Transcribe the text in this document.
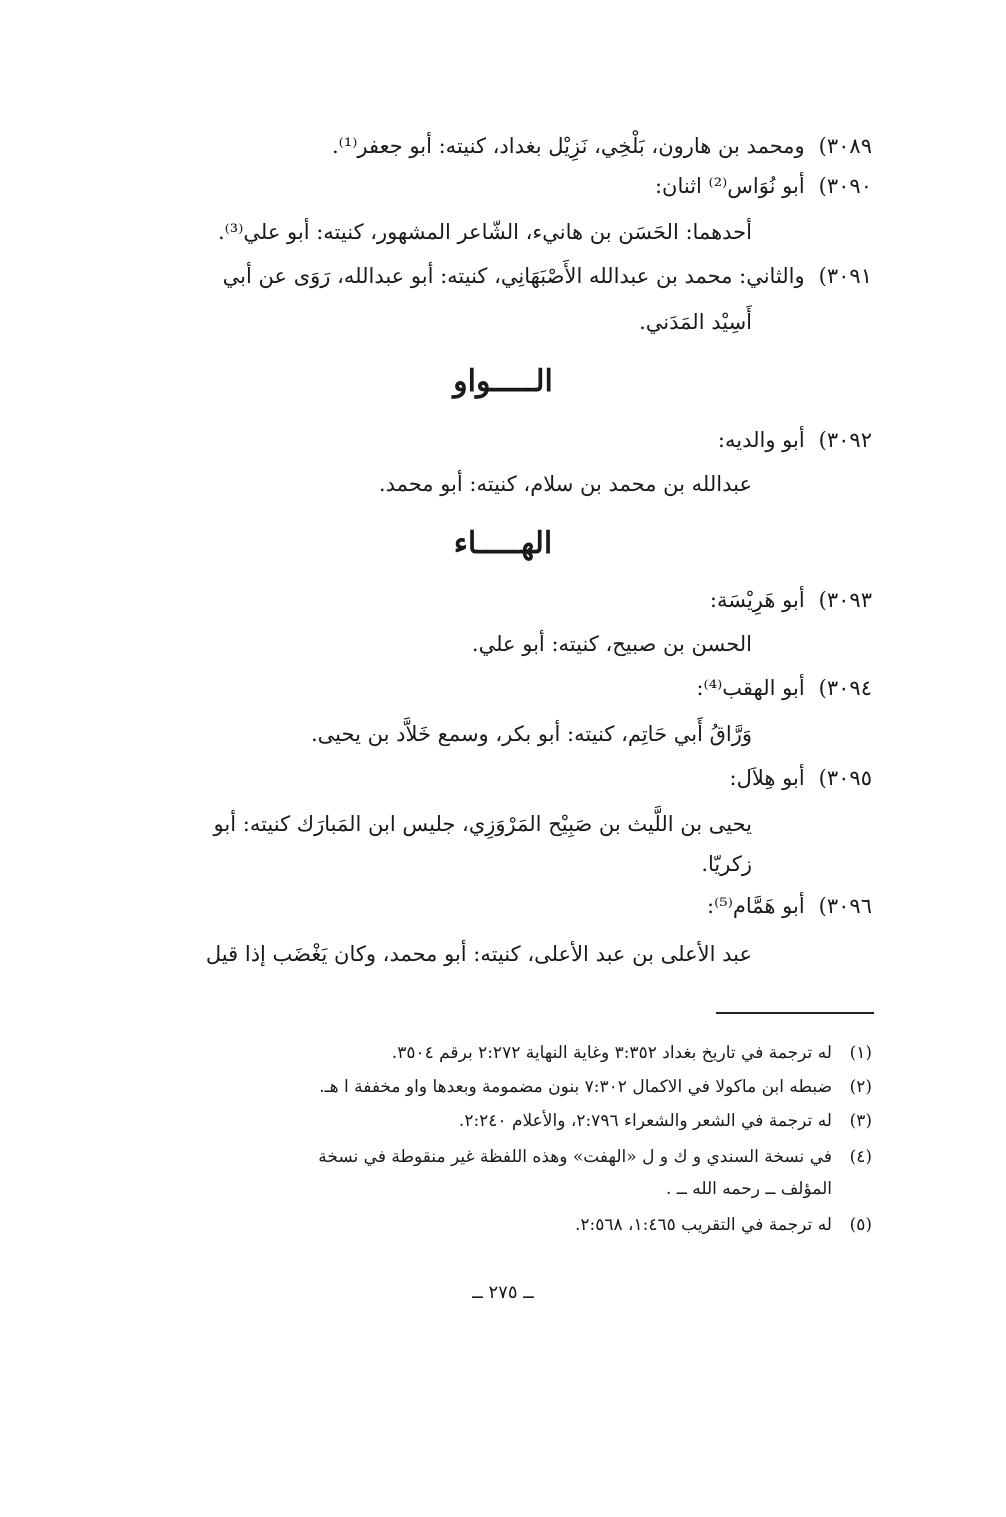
٣٠٨٩)ومحمد بن هارون، بَلْخِي، نَزِيْل بغداد، كنيته: أبو جعفر⁽¹⁾.
٣٠٩٠)أبو نُوَاس⁽²⁾ اثنان:
أحدهما: الحَسَن بن هانيء، الشّاعر المشهور، كنيته: أبو علي⁽³⁾.
٣٠٩١)والثاني: محمد بن عبدالله الأَصْبَهَانِي، كنيته: أبو عبدالله، رَوَى عن أبي
أَسِيْد المَدَني.
الـــــواو
٣٠٩٢)أبو والديه:
عبدالله بن محمد بن سلام، كنيته: أبو محمد.
الهـــــاء
٣٠٩٣)أبو هَرِيْسَة:
الحسن بن صبيح، كنيته: أبو علي.
٣٠٩٤)أبو الهقب⁽⁴⁾:
وَرَّاقُ أَبي حَاتِم، كنيته: أبو بكر، وسمع خَلاَّد بن يحيى.
٣٠٩٥)أبو هِلاَل:
يحيى بن اللَّيث بن صَبِيْح المَرْوَزِي، جليس ابن المَبارَك كنيته: أبو
زكريّا.
٣٠٩٦)أبو هَمَّام⁽⁵⁾:
عبد الأعلى بن عبد الأعلى، كنيته: أبو محمد، وكان يَغْضَب إذا قيل
(١)له ترجمة في تاريخ بغداد ٣:٣٥٢ وغاية النهاية ٢:٢٧٢ برقم ٣٥٠٤.
(٢)ضبطه ابن ماكولا في الاكمال ٧:٣٠٢ بنون مضمومة وبعدها واو مخففة ا هـ.
(٣)له ترجمة في الشعر والشعراء ٢:٧٩٦، والأعلام ٢:٢٤٠.
(٤)في نسخة السندي و ك و ل «الهفت» وهذه اللفظة غير منقوطة في نسخة
المؤلف ــ رحمه الله ــ .
(٥)له ترجمة في التقريب ١:٤٦٥، ٢:٥٦٨.
ــ ٢٧٥ ــ
